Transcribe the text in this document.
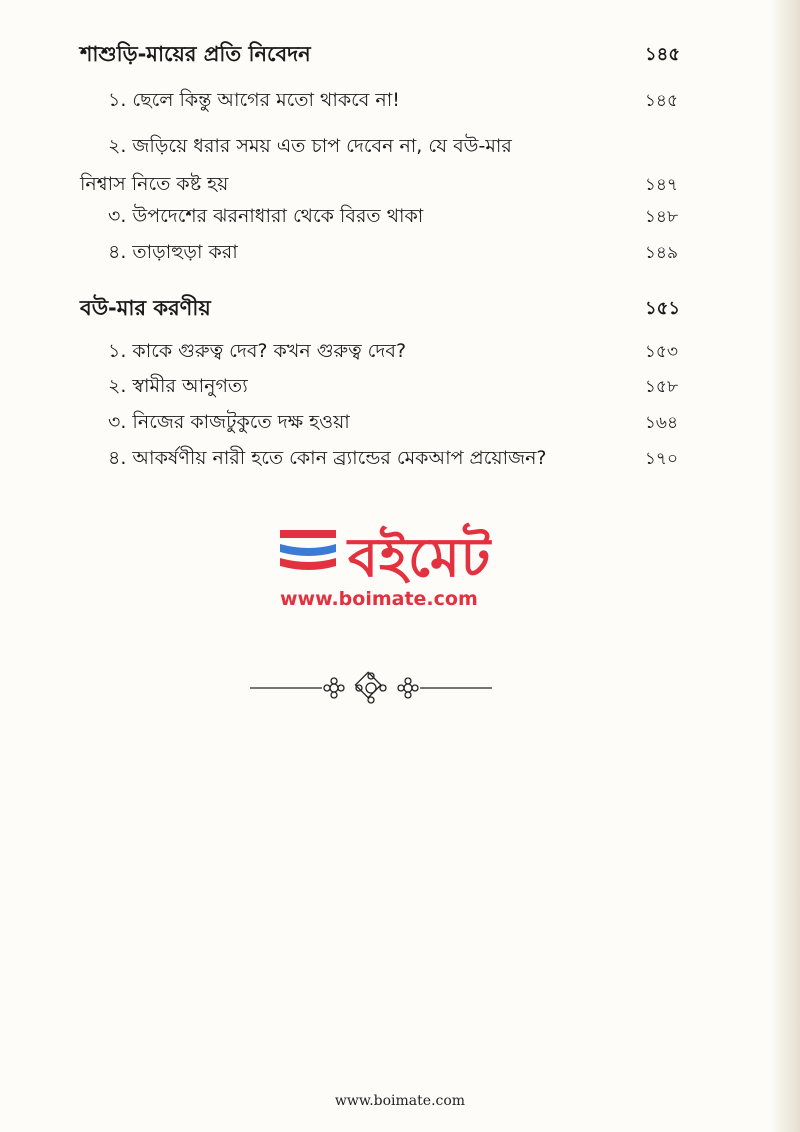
শাশুড়ি-মায়ের প্রতি নিবেদন	১৪৫
১. ছেলে কিন্তু আগের মতো থাকবে না!	১৪৫
২. জড়িয়ে ধরার সময় এত চাপ দেবেন না, যে বউ-মার
নিশ্বাস নিতে কষ্ট হয়	১৪৭
৩. উপদেশের ঝরনাধারা থেকে বিরত থাকা	১৪৮
৪. তাড়াহুড়া করা	১৪৯
বউ-মার করণীয়	১৫১
১. কাকে গুরুত্ব দেব? কখন গুরুত্ব দেব?	১৫৩
২. স্বামীর আনুগত্য	১৫৮
৩. নিজের কাজটুকুতে দক্ষ হওয়া	১৬৪
৪. আকর্ষণীয় নারী হতে কোন ব্র্যান্ডের মেকআপ প্রয়োজন?	১৭০
বইমেট
www.boimate.com
www.boimate.com
